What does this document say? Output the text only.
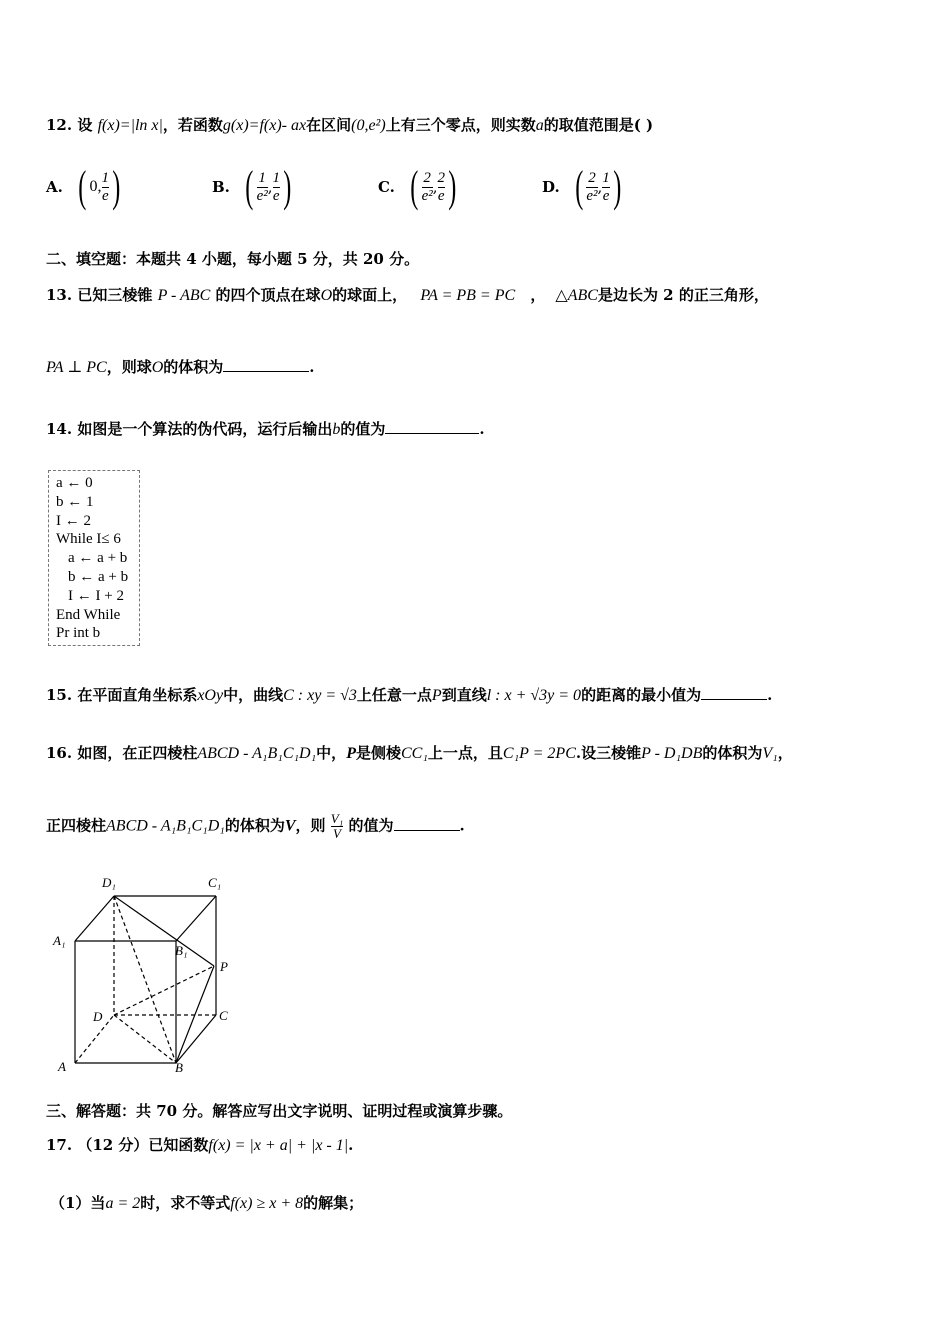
12. 设 f(x)=|ln x|，若函数g(x)=f(x)- ax在区间(0,e²)上有三个零点，则实数a的取值范围是( )
A. ( 0, $\frac{1}{e}$ )	B. ( $\frac{1}{\text{e²}}$ , $\frac{1}{e}$ )	C. ( $\frac{2}{\text{e²}}$ , $\frac{2}{e}$ )	D. ( $\frac{2}{\text{e²}}$ , $\frac{1}{e}$ )
二、填空题：本题共 4 小题，每小题 5 分，共 20 分。
13. 已知三棱锥 P - ABC 的四个顶点在球O的球面上， PA = PB = PC ， △ABC是边长为 2 的正三角形，
PA ⊥ PC，则球O的体积为	.
14. 如图是一个算法的伪代码，运行后输出b的值为	.
a ← 0
b ← 1
I ← 2
While I≤ 6
a ← a + b
b ← a + b
I ← I + 2
End While
Pr int b
15. 在平面直角坐标系xOy中，曲线C : xy = √3上任意一点P到直线l : x + √3y = 0的距离的最小值为	.
16. 如图，在正四棱柱ABCD - A₁B₁C₁D₁中，P是侧棱CC₁上一点，且C₁P = 2PC.设三棱锥P - D₁DB的体积为V₁，
正四棱柱ABCD - A₁B₁C₁D₁的体积为V，则 $\frac{\text{V₁}}{V}$ 的值为	.
D₁	C₁
A₁
B₁
P
D	C
A	B
三、解答题：共 70 分。解答应写出文字说明、证明过程或演算步骤。
17. （12 分）已知函数f(x) = |x + a| + |x - 1|.
（1）当a = 2时，求不等式f(x) ≥ x + 8的解集；
